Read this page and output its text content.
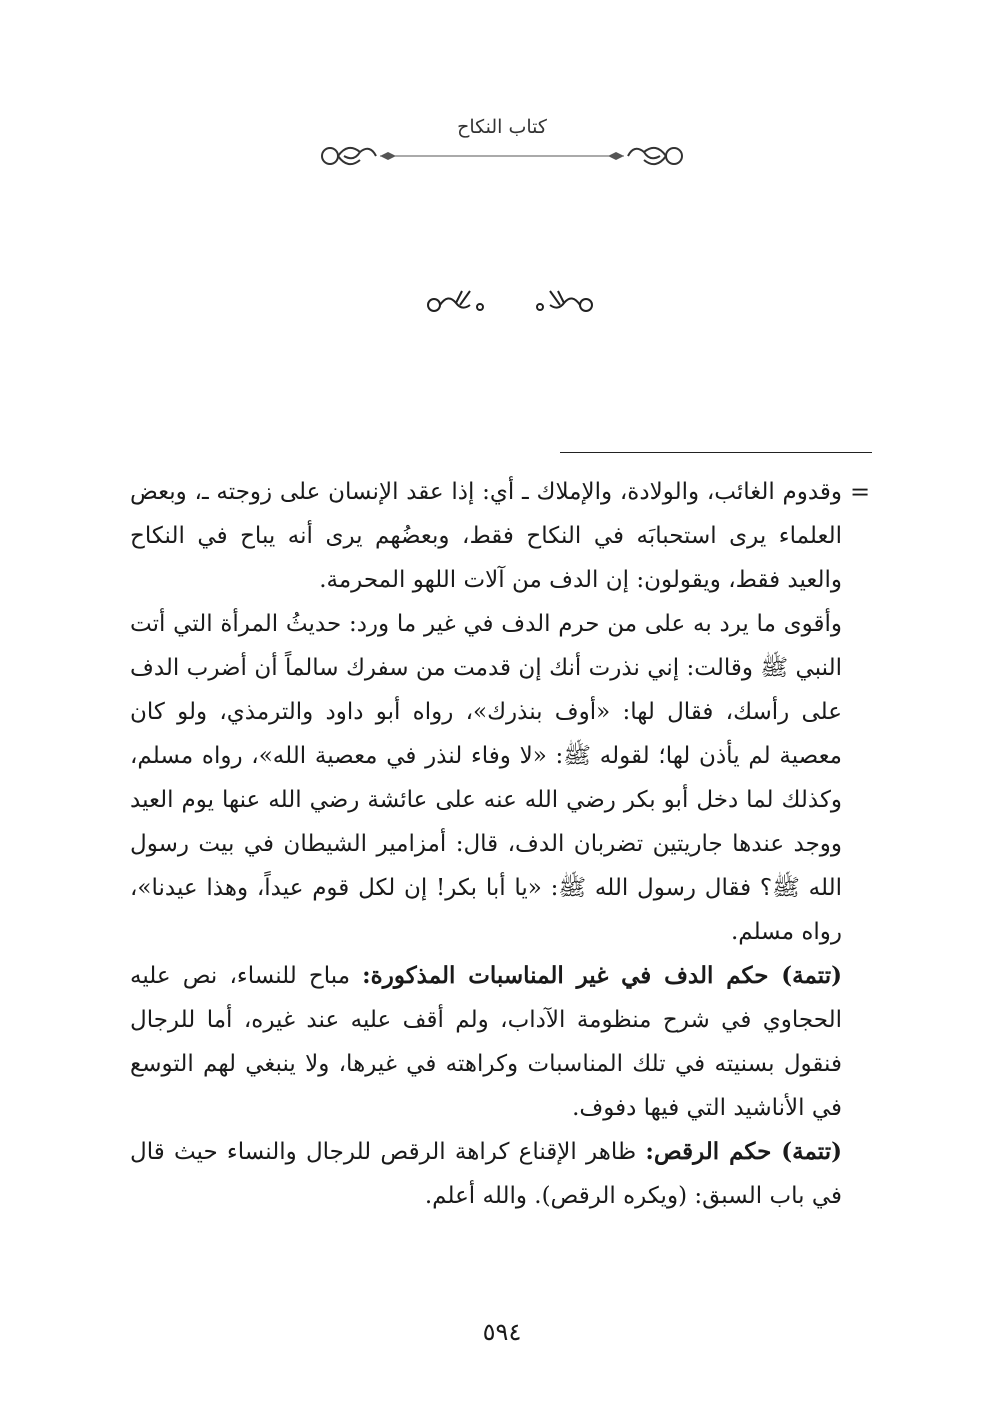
كتاب النكاح
=

وقدوم الغائب، والولادة، والإملاك ـ أي: إذا عقد الإنسان على زوجته ـ، وبعض العلماء يرى استحبابَه في النكاح فقط، وبعضُهم يرى أنه يباح في النكاح والعيد فقط، ويقولون: إن الدف من آلات اللهو المحرمة.

وأقوى ما يرد به على من حرم الدف في غير ما ورد: حديثُ المرأة التي أتت النبي ﷺ وقالت: إني نذرت أنك إن قدمت من سفرك سالماً أن أضرب الدف على رأسك، فقال لها: «أوف بنذرك»، رواه أبو داود والترمذي، ولو كان معصية لم يأذن لها؛ لقوله ﷺ: «لا وفاء لنذر في معصية الله»، رواه مسلم، وكذلك لما دخل أبو بكر رضي الله عنه على عائشة رضي الله عنها يوم العيد ووجد عندها جاريتين تضربان الدف، قال: أمزامير الشيطان في بيت رسول الله ﷺ؟ فقال رسول الله ﷺ: «يا أبا بكر! إن لكل قوم عيداً، وهذا عيدنا»، رواه مسلم.

(تتمة) حكم الدف في غير المناسبات المذكورة: مباح للنساء، نص عليه الحجاوي في شرح منظومة الآداب، ولم أقف عليه عند غيره، أما للرجال فنقول بسنيته في تلك المناسبات وكراهته في غيرها، ولا ينبغي لهم التوسع في الأناشيد التي فيها دفوف.

(تتمة) حكم الرقص: ظاهر الإقناع كراهة الرقص للرجال والنساء حيث قال في باب السبق: (ويكره الرقص). والله أعلم.

٥٩٤
